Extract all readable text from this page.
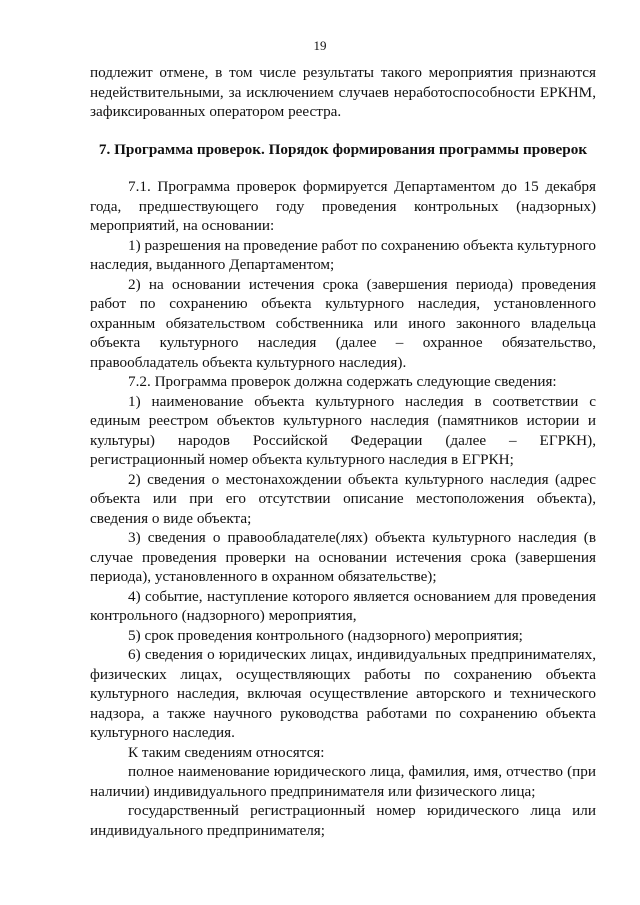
19

подлежит отмене, в том числе результаты такого мероприятия признаются недействительными, за исключением случаев неработоспособности ЕРКНМ, зафиксированных оператором реестра.

7. Программа проверок. Порядок формирования программы проверок

7.1. Программа проверок формируется Департаментом до 15 декабря года, предшествующего году проведения контрольных (надзорных) мероприятий, на основании:

1) разрешения на проведение работ по сохранению объекта культурного наследия, выданного Департаментом;

2) на основании истечения срока (завершения периода) проведения работ по сохранению объекта культурного наследия, установленного охранным обязательством собственника или иного законного владельца объекта культурного наследия (далее – охранное обязательство, правообладатель объекта культурного наследия).

7.2. Программа проверок должна содержать следующие сведения:

1) наименование объекта культурного наследия в соответствии с единым реестром объектов культурного наследия (памятников истории и культуры) народов Российской Федерации (далее – ЕГРКН), регистрационный номер объекта культурного наследия в ЕГРКН;

2) сведения о местонахождении объекта культурного наследия (адрес объекта или при его отсутствии описание местоположения объекта), сведения о виде объекта;

3) сведения о правообладателе(лях) объекта культурного наследия (в случае проведения проверки на основании истечения срока (завершения периода), установленного в охранном обязательстве);

4) событие, наступление которого является основанием для проведения контрольного (надзорного) мероприятия,

5) срок проведения контрольного (надзорного) мероприятия;

6) сведения о юридических лицах, индивидуальных предпринимателях, физических лицах, осуществляющих работы по сохранению объекта культурного наследия, включая осуществление авторского и технического надзора, а также научного руководства работами по сохранению объекта культурного наследия.

К таким сведениям относятся:

полное наименование юридического лица, фамилия, имя, отчество (при наличии) индивидуального предпринимателя или физического лица;

государственный регистрационный номер юридического лица или индивидуального предпринимателя;
